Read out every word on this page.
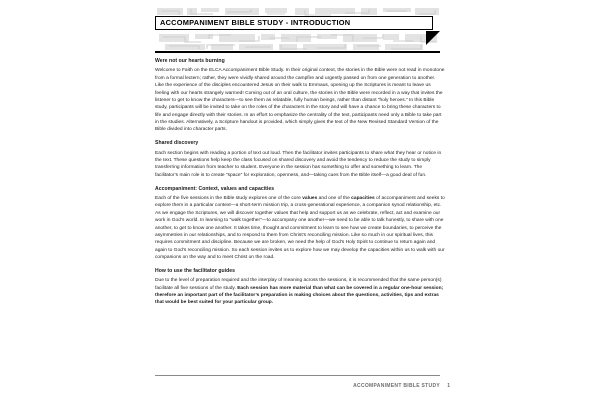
ACCOMPANIMENT BIBLE STUDY - INTRODUCTION
Were not our hearts burning

Welcome to Faith on the ELCA Accompaniment Bible Study. In their original context, the stories in the Bible were not read in monotone from a formal lectern; rather, they were vividly shared around the campfire and urgently passed on from one generation to another. Like the experience of the disciples encountered Jesus on their walk to Emmaus, opening up the Scriptures is meant to leave us feeling with our hearts strangely warmed! Coming out of an oral culture, the stories in the Bible were recorded in a way that invites the listener to get to know the characters—to see them as relatable, fully human beings, rather than distant “holy heroes.” In this Bible study, participants will be invited to take on the roles of the characters in the story and will have a chance to bring these characters to life and engage directly with their stories. In an effort to emphasize the centrality of the text, participants need only a Bible to take part in the studies. Alternatively, a Scripture handout is provided, which simply gives the text of the New Revised Standard Version of the Bible divided into character parts.

Shared discovery

Each section begins with reading a portion of text out loud. Then the facilitator invites participants to share what they hear or notice in the text. These questions help keep the class focused on shared discovery and avoid the tendency to reduce the study to simply transferring information from teacher to student. Everyone in the session has something to offer and something to learn. The facilitator’s main role is to create “space” for exploration, openness, and—taking cues from the Bible itself—a good deal of fun.

Accompaniment: Context, values and capacities

Each of the five sessions in the Bible study explores one of the core values and one of the capacities of accompaniment and seeks to explore them in a particular context—a short-term mission trip, a cross-generational experience, a companion synod relationship, etc. As we engage the Scriptures, we will discover together values that help and support us as we celebrate, reflect, act and examine our work in God’s world. In learning to “walk together”—to accompany one another—we need to be able to talk honestly, to share with one another, to get to know one another. It takes time, thought and commitment to learn to see how we create boundaries, to perceive the asymmetries in our relationships, and to respond to them from Christ’s reconciling mission. Like so much in our spiritual lives, this requires commitment and discipline. Because we are broken, we need the help of God’s Holy Spirit to continue to return again and again to God’s reconciling mission. So each session invites us to explore how we may develop the capacities within us to walk with our companions on the way and to meet Christ on the road.

How to use the facilitator guides

Due to the level of preparation required and the interplay of meaning across the sessions, it is recommended that the same person(s) facilitate all five sessions of the study. Each session has more material than what can be covered in a regular one-hour session; therefore an important part of the facilitator’s preparation is making choices about the questions, activities, tips and extras that would be best suited for your particular group.

ACCOMPANIMENT BIBLE STUDY 1
